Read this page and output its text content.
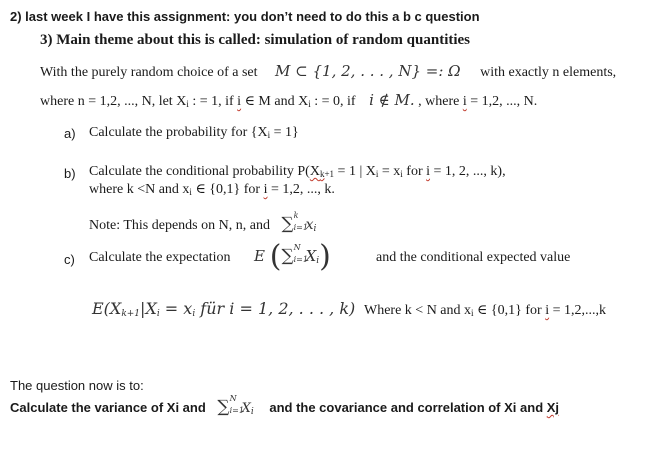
2) last week I have this assignment: you don’t need to do this a b c question
3) Main theme about this is called: simulation of random quantities
With the purely random choice of a set M ⊂ {1, 2, . . . , N} =: Ω with exactly n elements,
where n = 1,2, ..., N, let $X_i$ : = 1, if i ∈ M and $X_i$ : = 0, if i ∉ M. , where i = 1,2, ..., N.
a) Calculate the probability for $\{X_i = 1\}$
b) Calculate the conditional probability $P(X_{k+1} = 1$ | $X_i = x_i$ for i = 1, 2, ..., k),
where k <N and $x_i$ ∈ {0,1} for i = 1,2, ..., k.
Note: This depends on N, n, and ∑ k
i=1
$x_i$
c) Calculate the expectation E (∑ N
i=1
$X_i$)	and the conditional expected value
$E(X_{k+1}|X_i = x_i$ für i = 1, 2, . . . , k) Where k < N and $x_i$ ∈ {0,1} for i = 1,2,...,k
The question now is to:
Calculate the variance of Xi and ∑ N
i=1
$X_i$ and the covariance and correlation of Xi and Xj
